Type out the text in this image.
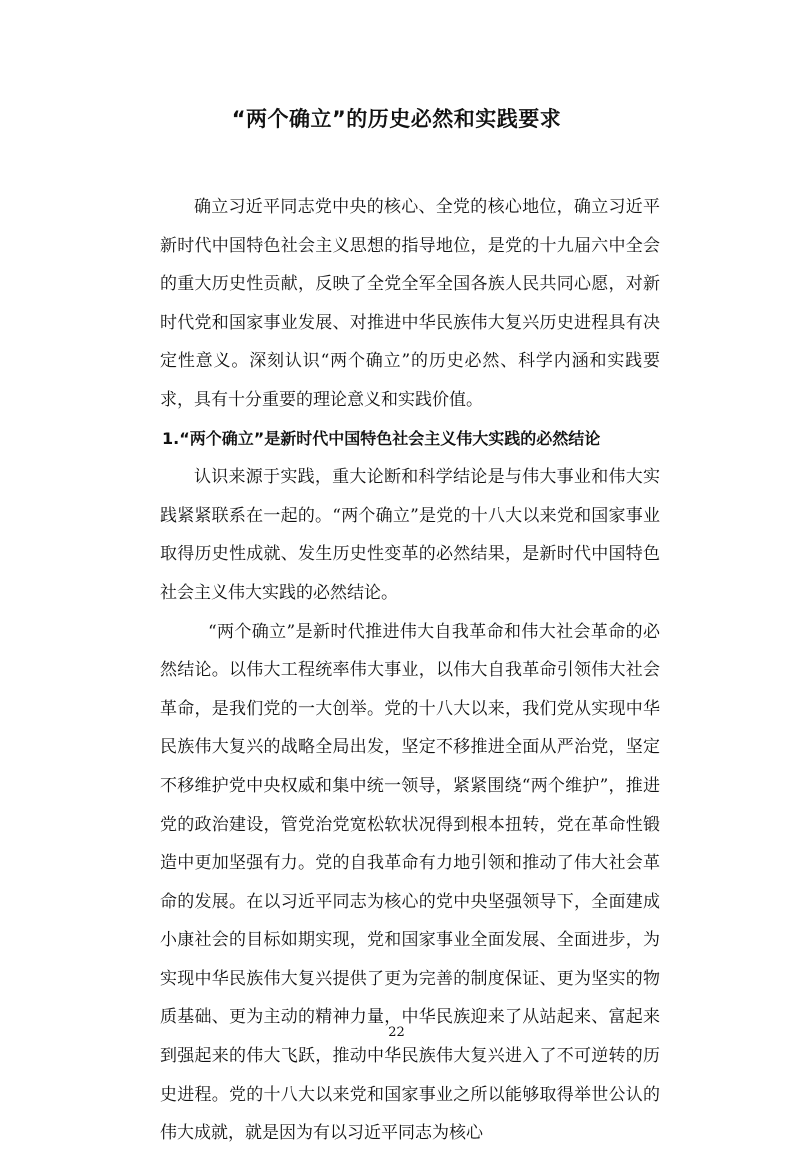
“两个确立”的历史必然和实践要求

确立习近平同志党中央的核心、全党的核心地位，确立习近平新时代中国特色社会主义思想的指导地位，是党的十九届六中全会的重大历史性贡献，反映了全党全军全国各族人民共同心愿，对新时代党和国家事业发展、对推进中华民族伟大复兴历史进程具有决定性意义。深刻认识“两个确立”的历史必然、科学内涵和实践要求，具有十分重要的理论意义和实践价值。

1.“两个确立”是新时代中国特色社会主义伟大实践的必然结论

认识来源于实践，重大论断和科学结论是与伟大事业和伟大实践紧紧联系在一起的。“两个确立”是党的十八大以来党和国家事业取得历史性成就、发生历史性变革的必然结果，是新时代中国特色社会主义伟大实践的必然结论。

“两个确立”是新时代推进伟大自我革命和伟大社会革命的必然结论。以伟大工程统率伟大事业，以伟大自我革命引领伟大社会革命，是我们党的一大创举。党的十八大以来，我们党从实现中华民族伟大复兴的战略全局出发，坚定不移推进全面从严治党，坚定不移维护党中央权威和集中统一领导，紧紧围绕“两个维护”，推进党的政治建设，管党治党宽松软状况得到根本扭转，党在革命性锻造中更加坚强有力。党的自我革命有力地引领和推动了伟大社会革命的发展。在以习近平同志为核心的党中央坚强领导下，全面建成小康社会的目标如期实现，党和国家事业全面发展、全面进步，为实现中华民族伟大复兴提供了更为完善的制度保证、更为坚实的物质基础、更为主动的精神力量，中华民族迎来了从站起来、富起来到强起来的伟大飞跃，推动中华民族伟大复兴进入了不可逆转的历史进程。党的十八大以来党和国家事业之所以能够取得举世公认的伟大成就，就是因为有以习近平同志为核心

22
